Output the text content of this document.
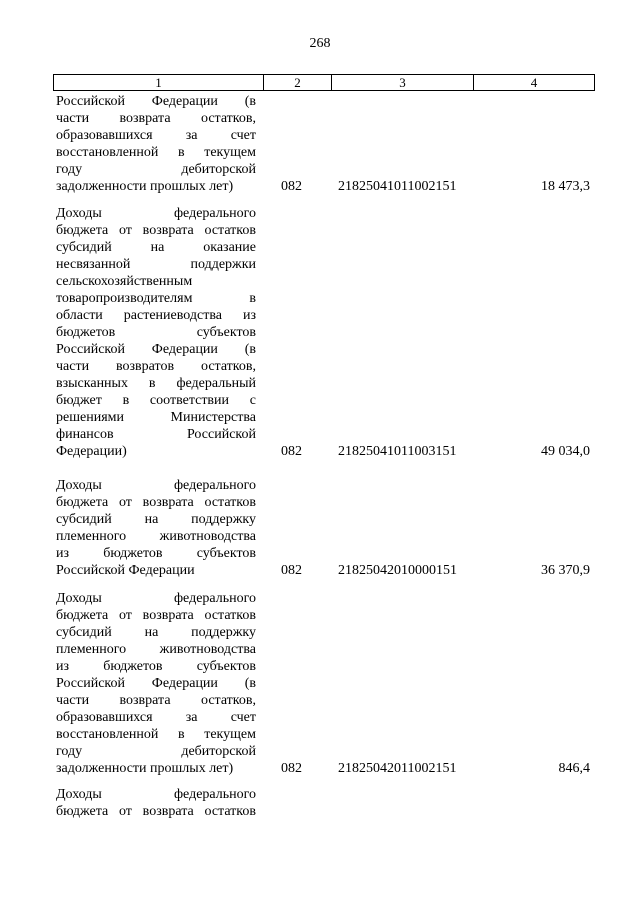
268
1	2	3	4
Российской Федерации (в
части возврата остатков,
образовавшихся за счет
восстановленной в текущем
году дебиторской
задолженности прошлых лет)	082	21825041011002151	18 473,3
Доходы федерального
бюджета от возврата остатков
субсидий на оказание
несвязанной поддержки
сельскохозяйственным
товаропроизводителям в
области растениеводства из
бюджетов субъектов
Российской Федерации (в
части возвратов остатков,
взысканных в федеральный
бюджет в соответствии с
решениями Министерства
финансов Российской
Федерации)	082	21825041011003151	49 034,0
Доходы федерального
бюджета от возврата остатков
субсидий на поддержку
племенного животноводства
из бюджетов субъектов
Российской Федерации	082	21825042010000151	36 370,9
Доходы федерального
бюджета от возврата остатков
субсидий на поддержку
племенного животноводства
из бюджетов субъектов
Российской Федерации (в
части возврата остатков,
образовавшихся за счет
восстановленной в текущем
году дебиторской
задолженности прошлых лет)	082	21825042011002151	846,4
Доходы федерального
бюджета от возврата остатков
